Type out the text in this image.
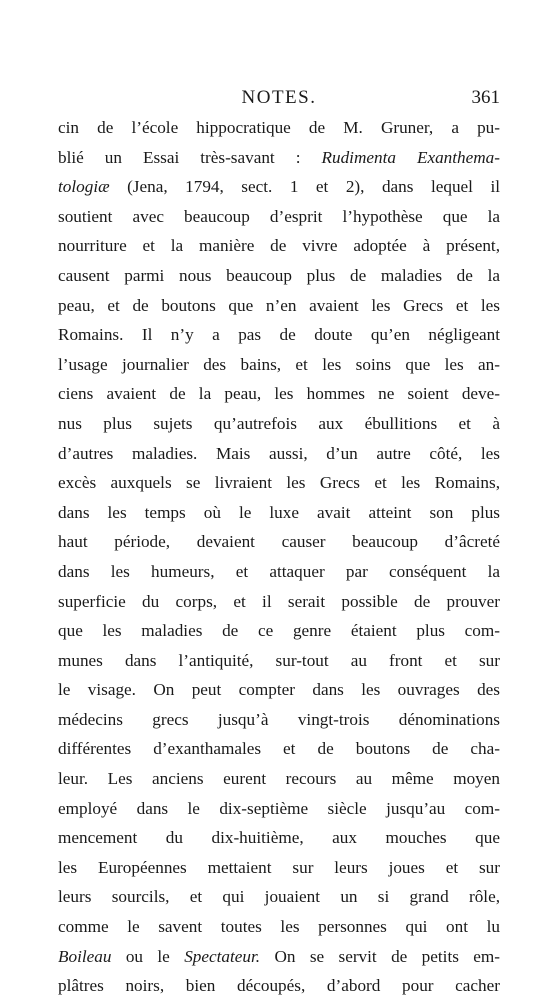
NOTES.	361
cin de l’école hippocratique de M. Gruner, a pu-
blié un Essai très-savant : Rudimenta Exanthema-
tologiæ (Jena, 1794, sect. 1 et 2), dans lequel il
soutient avec beaucoup d’esprit l’hypothèse que la
nourriture et la manière de vivre adoptée à présent,
causent parmi nous beaucoup plus de maladies de la
peau, et de boutons que n’en avaient les Grecs et les
Romains. Il n’y a pas de doute qu’en négligeant
l’usage journalier des bains, et les soins que les an-
ciens avaient de la peau, les hommes ne soient deve-
nus plus sujets qu’autrefois aux ébullitions et à
d’autres maladies. Mais aussi, d’un autre côté, les
excès auxquels se livraient les Grecs et les Romains,
dans les temps où le luxe avait atteint son plus
haut période, devaient causer beaucoup d’âcreté
dans les humeurs, et attaquer par conséquent la
superficie du corps, et il serait possible de prouver
que les maladies de ce genre étaient plus com-
munes dans l’antiquité, sur-tout au front et sur
le visage. On peut compter dans les ouvrages des
médecins grecs jusqu’à vingt-trois dénominations
différentes d’exanthamales et de boutons de cha-
leur. Les anciens eurent recours au même moyen
employé dans le dix-septième siècle jusqu’au com-
mencement du dix-huitième, aux mouches que
les Européennes mettaient sur leurs joues et sur
leurs sourcils, et qui jouaient un si grand rôle,
comme le savent toutes les personnes qui ont lu
Boileau ou le Spectateur. On se servit de petits em-
plâtres noirs, bien découpés, d’abord pour cacher
